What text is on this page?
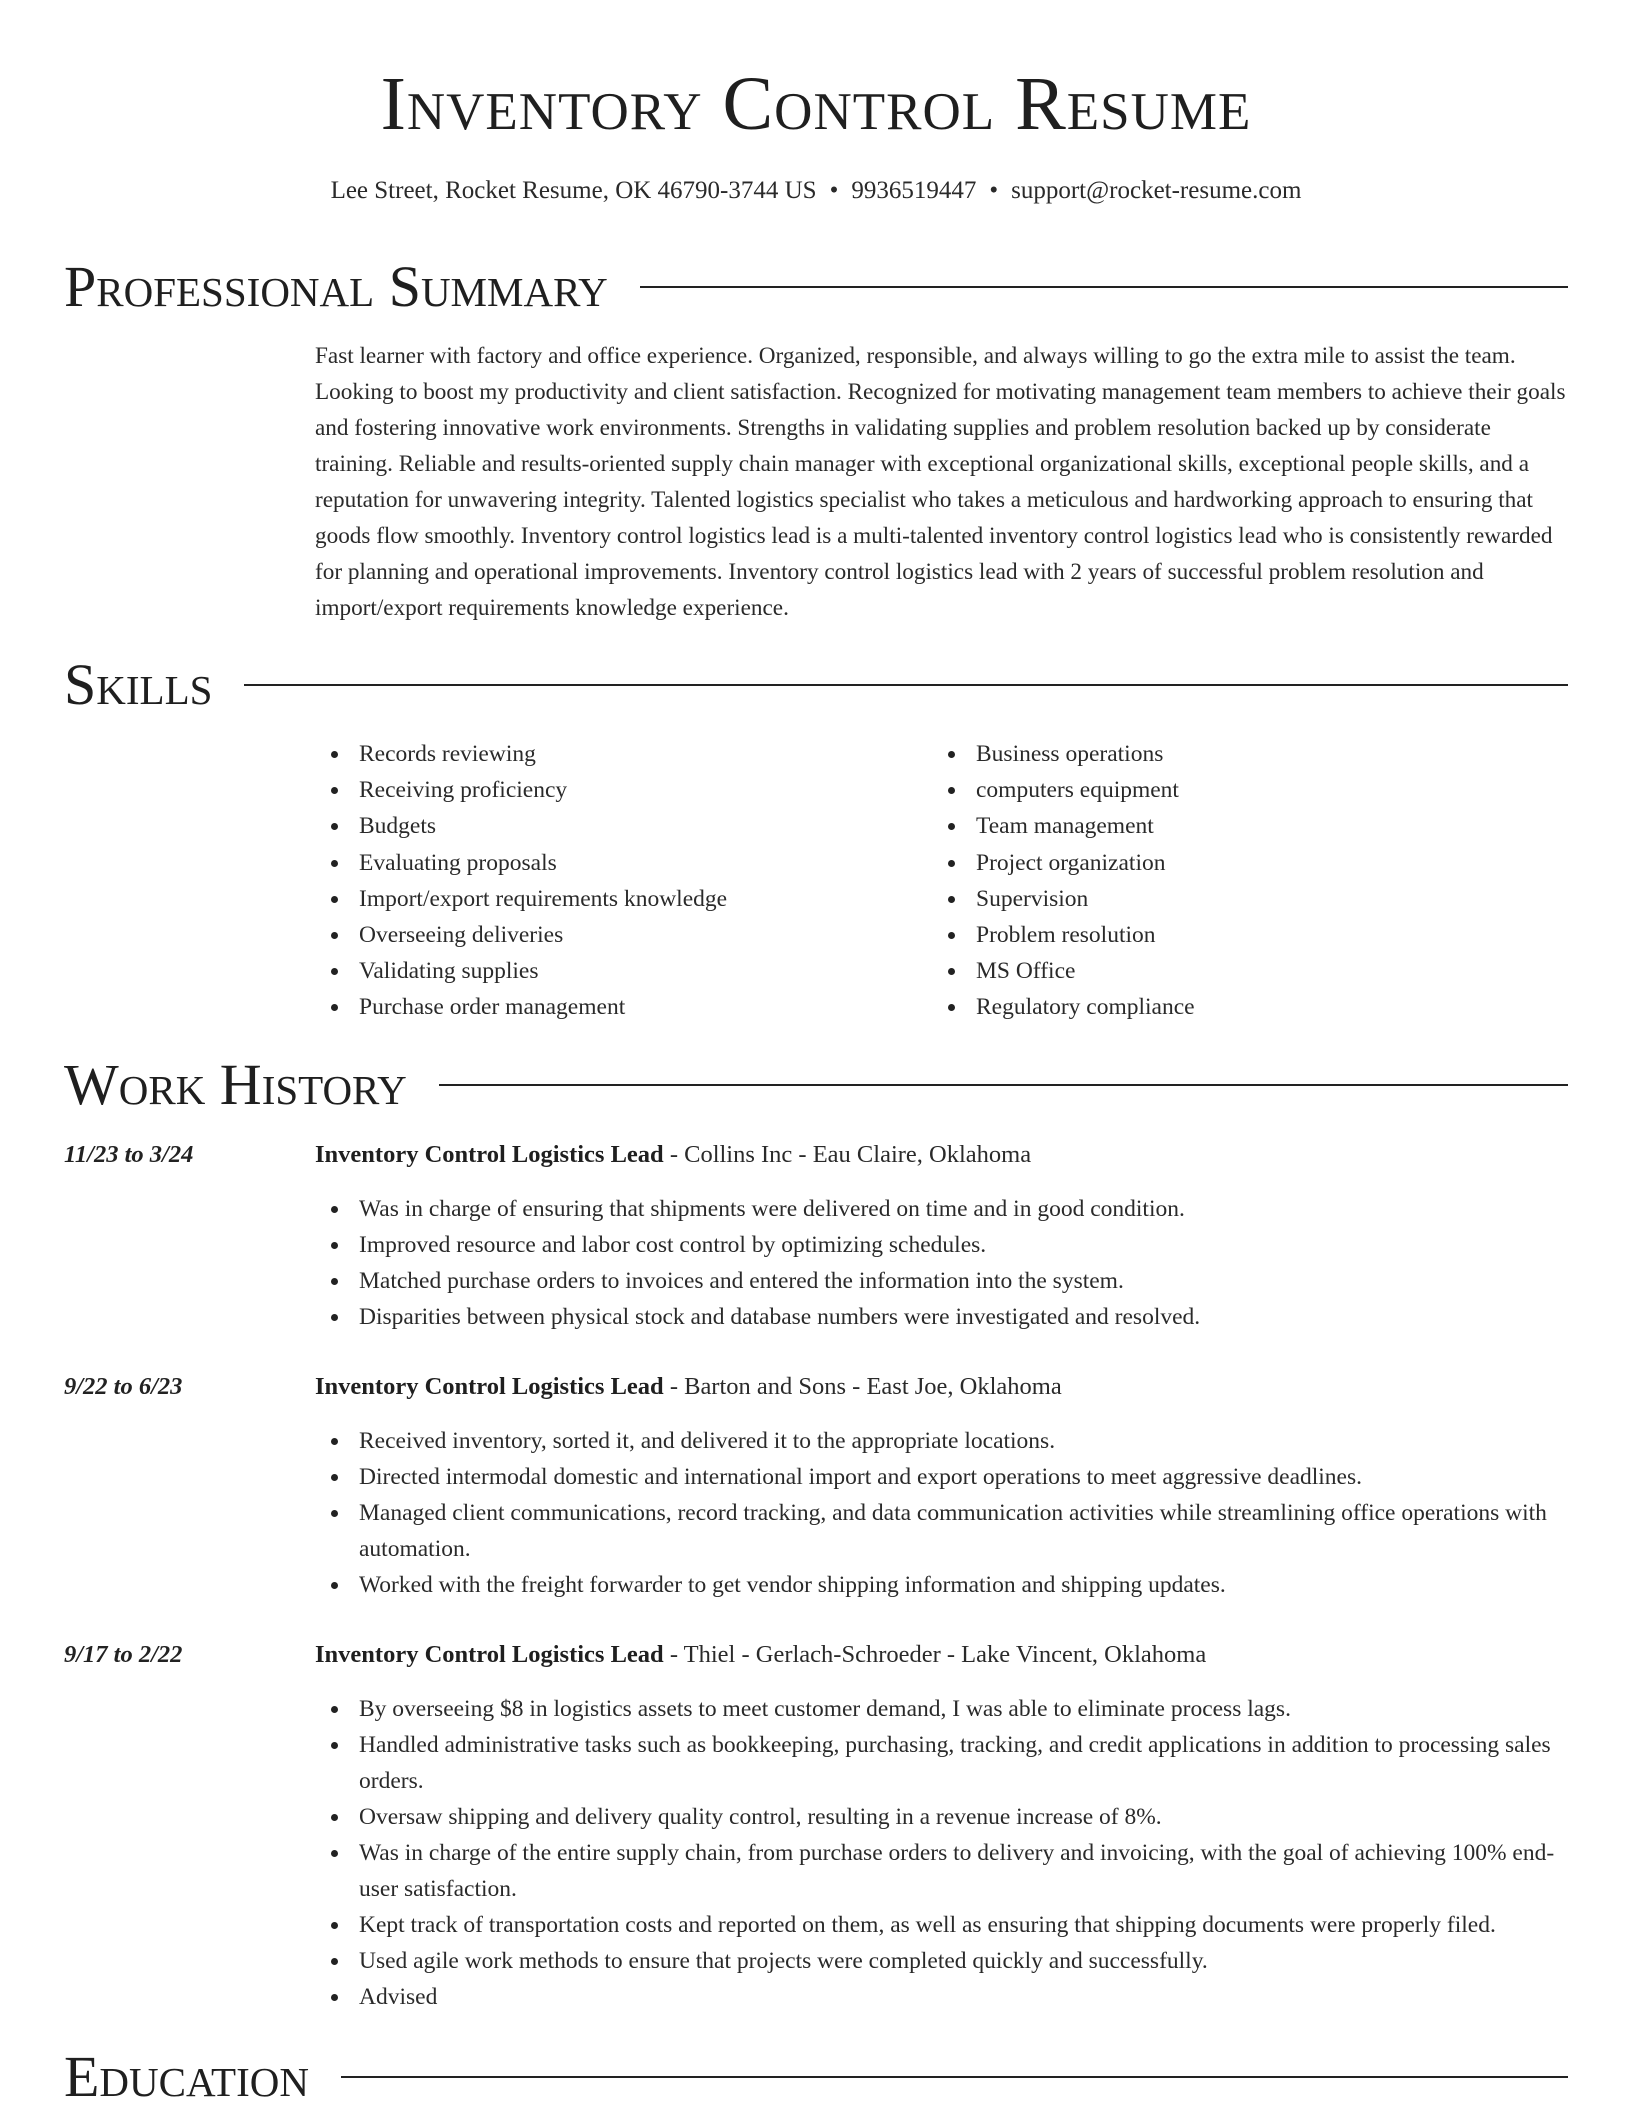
Inventory Control Resume
Lee Street, Rocket Resume, OK 46790-3744 US • 9936519447 • support@rocket-resume.com
Professional Summary

Fast learner with factory and office experience. Organized, responsible, and always willing to go the extra mile to assist the team. Looking to boost my productivity and client satisfaction. Recognized for motivating management team members to achieve their goals and fostering innovative work environments. Strengths in validating supplies and problem resolution backed up by considerate training. Reliable and results-oriented supply chain manager with exceptional organizational skills, exceptional people skills, and a reputation for unwavering integrity. Talented logistics specialist who takes a meticulous and hardworking approach to ensuring that goods flow smoothly. Inventory control logistics lead is a multi-talented inventory control logistics lead who is consistently rewarded for planning and operational improvements. Inventory control logistics lead with 2 years of successful problem resolution and import/export requirements knowledge experience.

Skills
Records reviewing
Receiving proficiency
Budgets
Evaluating proposals
Import/export requirements knowledge
Overseeing deliveries
Validating supplies
Purchase order management
Business operations
computers equipment
Team management
Project organization
Supervision
Problem resolution
MS Office
Regulatory compliance
Work History
11/23 to 3/24	Inventory Control Logistics Lead - Collins Inc - Eau Claire, Oklahoma
Was in charge of ensuring that shipments were delivered on time and in good condition.
Improved resource and labor cost control by optimizing schedules.
Matched purchase orders to invoices and entered the information into the system.
Disparities between physical stock and database numbers were investigated and resolved.
9/22 to 6/23	Inventory Control Logistics Lead - Barton and Sons - East Joe, Oklahoma
Received inventory, sorted it, and delivered it to the appropriate locations.
Directed intermodal domestic and international import and export operations to meet aggressive deadlines.
Managed client communications, record tracking, and data communication activities while streamlining office operations with automation.
Worked with the freight forwarder to get vendor shipping information and shipping updates.
9/17 to 2/22	Inventory Control Logistics Lead - Thiel - Gerlach-Schroeder - Lake Vincent, Oklahoma
By overseeing $8 in logistics assets to meet customer demand, I was able to eliminate process lags.
Handled administrative tasks such as bookkeeping, purchasing, tracking, and credit applications in addition to processing sales orders.
Oversaw shipping and delivery quality control, resulting in a revenue increase of 8%.
Was in charge of the entire supply chain, from purchase orders to delivery and invoicing, with the goal of achieving 100% end-user satisfaction.
Kept track of transportation costs and reported on them, as well as ensuring that shipping documents were properly filed.
Used agile work methods to ensure that projects were completed quickly and successfully.
Advised
Education
